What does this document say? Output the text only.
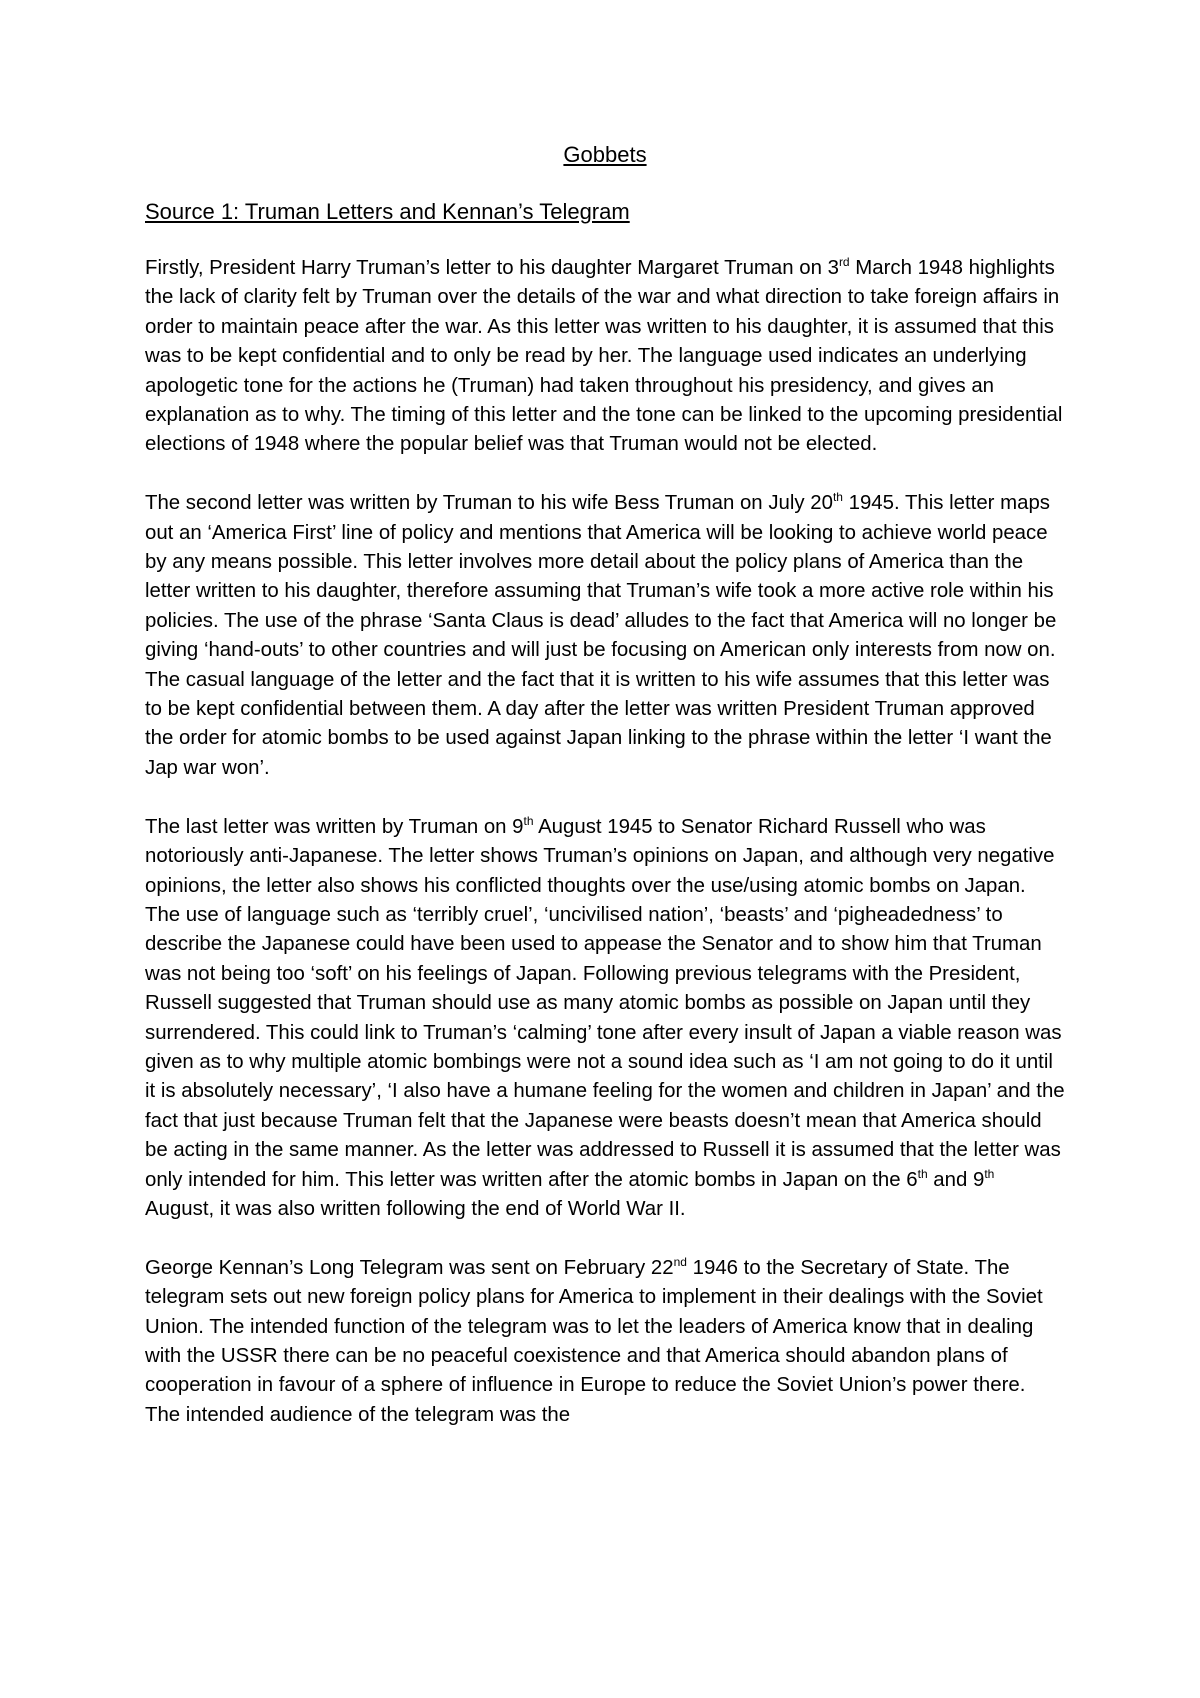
Gobbets
Source 1: Truman Letters and Kennan’s Telegram

Firstly, President Harry Truman’s letter to his daughter Margaret Truman on 3rd March 1948 highlights the lack of clarity felt by Truman over the details of the war and what direction to take foreign affairs in order to maintain peace after the war. As this letter was written to his daughter, it is assumed that this was to be kept confidential and to only be read by her. The language used indicates an underlying apologetic tone for the actions he (Truman) had taken throughout his presidency, and gives an explanation as to why. The timing of this letter and the tone can be linked to the upcoming presidential elections of 1948 where the popular belief was that Truman would not be elected.

The second letter was written by Truman to his wife Bess Truman on July 20th 1945. This letter maps out an ‘America First’ line of policy and mentions that America will be looking to achieve world peace by any means possible. This letter involves more detail about the policy plans of America than the letter written to his daughter, therefore assuming that Truman’s wife took a more active role within his policies. The use of the phrase ‘Santa Claus is dead’ alludes to the fact that America will no longer be giving ‘hand-outs’ to other countries and will just be focusing on American only interests from now on. The casual language of the letter and the fact that it is written to his wife assumes that this letter was to be kept confidential between them. A day after the letter was written President Truman approved the order for atomic bombs to be used against Japan linking to the phrase within the letter ‘I want the Jap war won’.

The last letter was written by Truman on 9th August 1945 to Senator Richard Russell who was notoriously anti-Japanese. The letter shows Truman’s opinions on Japan, and although very negative opinions, the letter also shows his conflicted thoughts over the use/using atomic bombs on Japan. The use of language such as ‘terribly cruel’, ‘uncivilised nation’, ‘beasts’ and ‘pigheadedness’ to describe the Japanese could have been used to appease the Senator and to show him that Truman was not being too ‘soft’ on his feelings of Japan. Following previous telegrams with the President, Russell suggested that Truman should use as many atomic bombs as possible on Japan until they surrendered. This could link to Truman’s ‘calming’ tone after every insult of Japan a viable reason was given as to why multiple atomic bombings were not a sound idea such as ‘I am not going to do it until it is absolutely necessary’, ‘I also have a humane feeling for the women and children in Japan’ and the fact that just because Truman felt that the Japanese were beasts doesn’t mean that America should be acting in the same manner. As the letter was addressed to Russell it is assumed that the letter was only intended for him. This letter was written after the atomic bombs in Japan on the 6th and 9th August, it was also written following the end of World War II.

George Kennan’s Long Telegram was sent on February 22nd 1946 to the Secretary of State. The telegram sets out new foreign policy plans for America to implement in their dealings with the Soviet Union. The intended function of the telegram was to let the leaders of America know that in dealing with the USSR there can be no peaceful coexistence and that America should abandon plans of cooperation in favour of a sphere of influence in Europe to reduce the Soviet Union’s power there. The intended audience of the telegram was the
